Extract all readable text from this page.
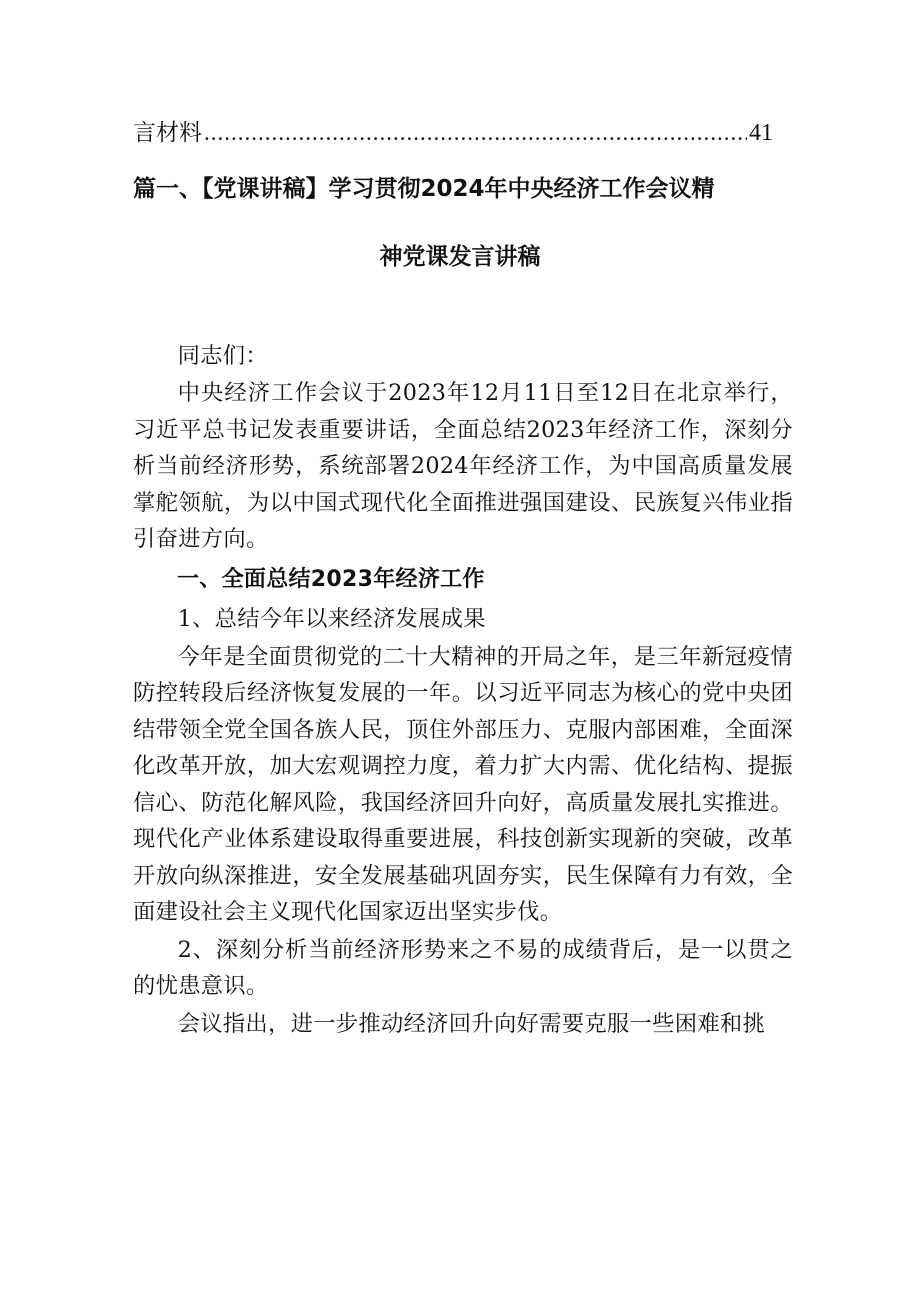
言材料
.....	41
篇一、【党课讲稿】学习贯彻2024年中央经济工作会议精
神党课发言讲稿

同志们：

中央经济工作会议于2023年12月11日至12日在北京举行，习近平总书记发表重要讲话，全面总结2023年经济工作，深刻分析当前经济形势，系统部署2024年经济工作，为中国高质量发展掌舵领航，为以中国式现代化全面推进强国建设、民族复兴伟业指引奋进方向。

一、全面总结2023年经济工作

1、总结今年以来经济发展成果

今年是全面贯彻党的二十大精神的开局之年，是三年新冠疫情防控转段后经济恢复发展的一年。以习近平同志为核心的党中央团结带领全党全国各族人民，顶住外部压力、克服内部困难，全面深化改革开放，加大宏观调控力度，着力扩大内需、优化结构、提振信心、防范化解风险，我国经济回升向好，高质量发展扎实推进。现代化产业体系建设取得重要进展，科技创新实现新的突破，改革开放向纵深推进，安全发展基础巩固夯实，民生保障有力有效，全面建设社会主义现代化国家迈出坚实步伐。

2、深刻分析当前经济形势来之不易的成绩背后，是一以贯之的忧患意识。

会议指出，进一步推动经济回升向好需要克服一些困难和挑
